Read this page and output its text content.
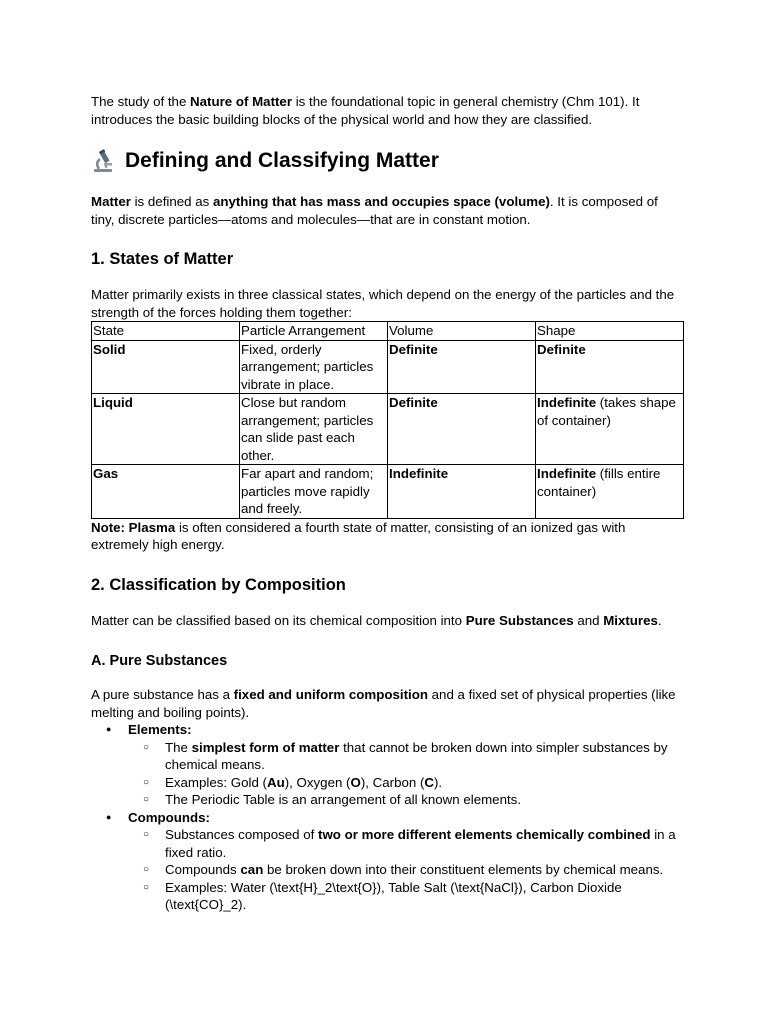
The study of the Nature of Matter is the foundational topic in general chemistry (Chm 101). It introduces the basic building blocks of the physical world and how they are classified.

Defining and Classifying Matter

Matter is defined as anything that has mass and occupies space (volume). It is composed of tiny, discrete particles—atoms and molecules—that are in constant motion.

1. States of Matter

Matter primarily exists in three classical states, which depend on the energy of the particles and the strength of the forces holding them together:

State	Particle Arrangement	Volume	Shape
Solid	Fixed, orderly arrangement; particles vibrate in place.	Definite	Definite
Liquid	Close but random arrangement; particles can slide past each other.	Definite	Indefinite (takes shape of container)
Gas	Far apart and random; particles move rapidly and freely.	Indefinite	Indefinite (fills entire container)

Note: Plasma is often considered a fourth state of matter, consisting of an ionized gas with extremely high energy.

2. Classification by Composition

Matter can be classified based on its chemical composition into Pure Substances and Mixtures.

A. Pure Substances

A pure substance has a fixed and uniform composition and a fixed set of physical properties (like melting and boiling points).

● Elements:
○ The simplest form of matter that cannot be broken down into simpler substances by chemical means.
○ Examples: Gold (Au), Oxygen (O), Carbon (C).
○ The Periodic Table is an arrangement of all known elements.
● Compounds:
○ Substances composed of two or more different elements chemically combined in a fixed ratio.
○ Compounds can be broken down into their constituent elements by chemical means.
○ Examples: Water (\text{H}_2\text{O}), Table Salt (\text{NaCl}), Carbon Dioxide (\text{CO}_2).
